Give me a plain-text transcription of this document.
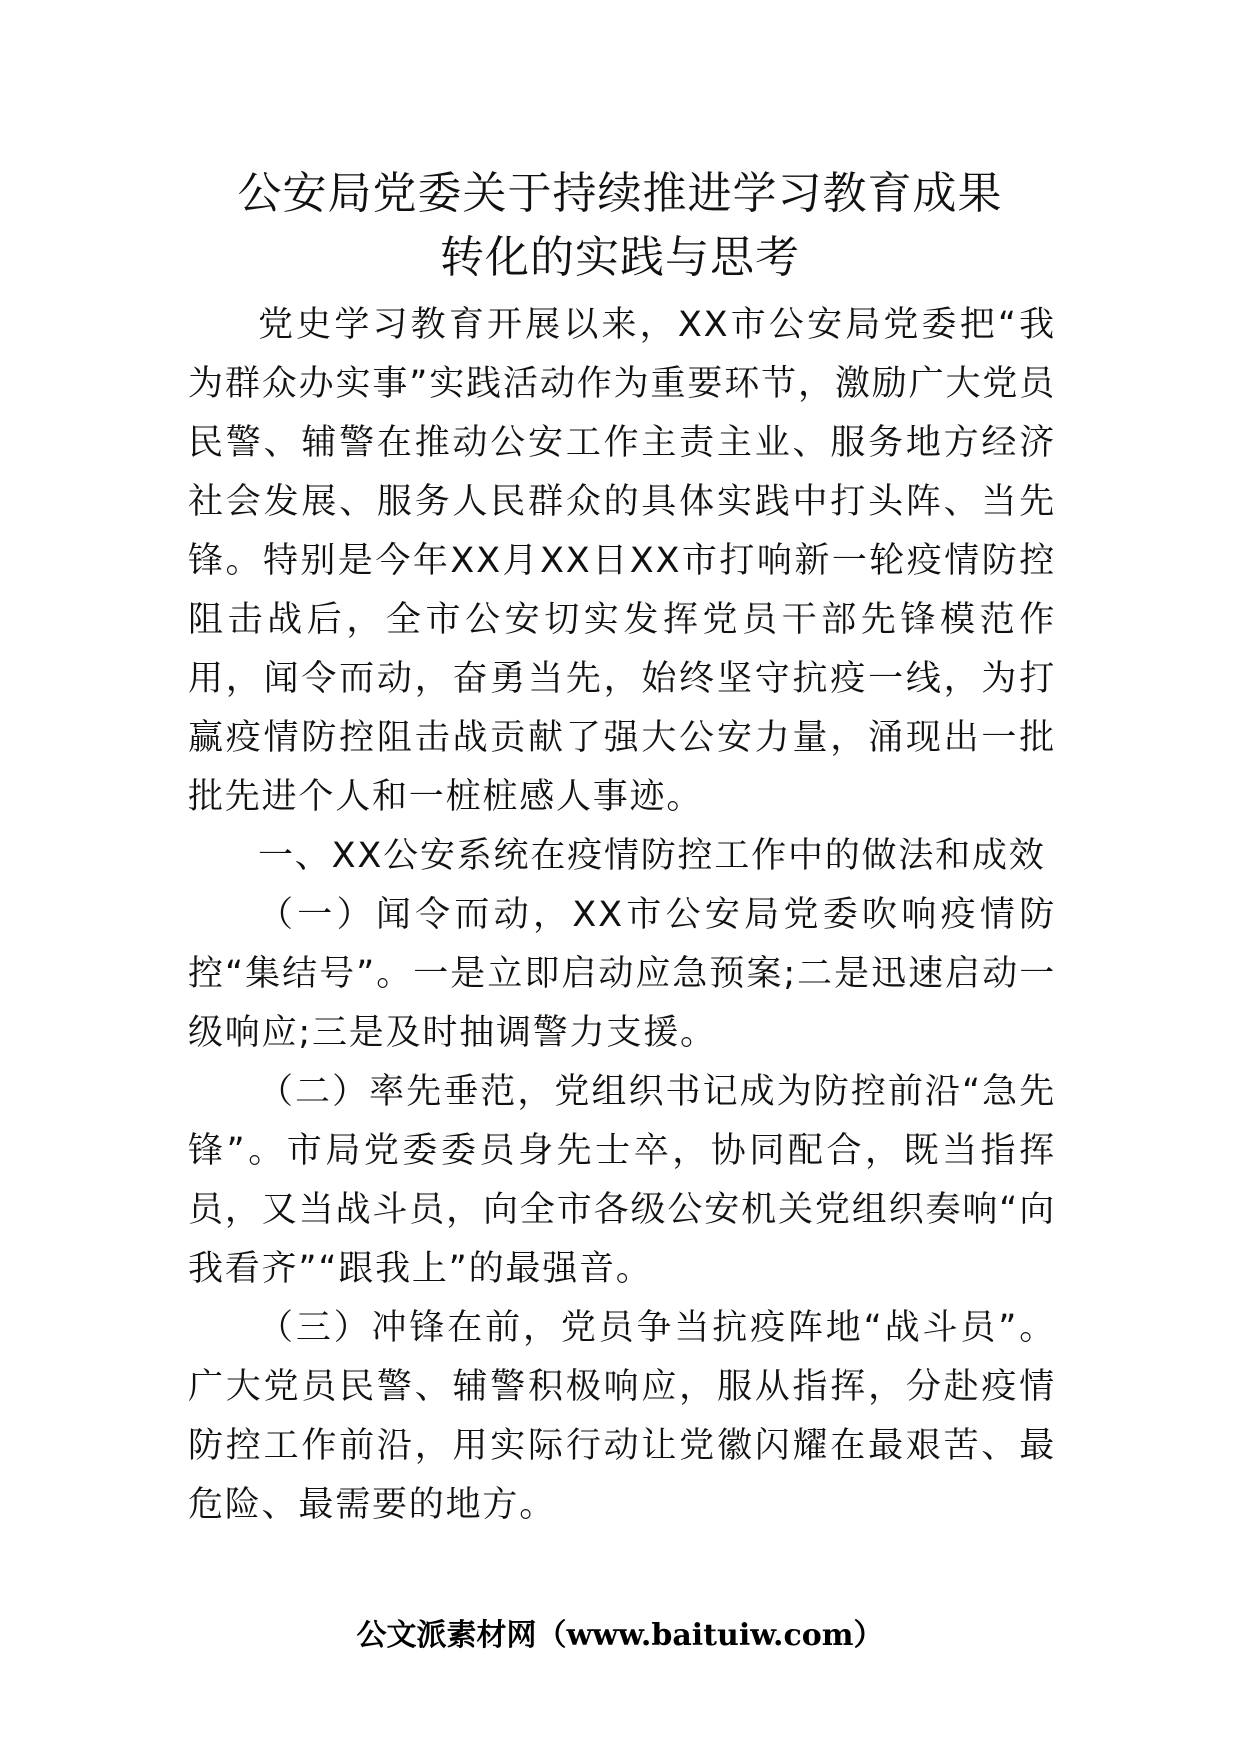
公安局党委关于持续推进学习教育成果
转化的实践与思考

党史学习教育开展以来，XX市公安局党委把“我为群众办实事”实践活动作为重要环节，激励广大党员民警、辅警在推动公安工作主责主业、服务地方经济社会发展、服务人民群众的具体实践中打头阵、当先锋。特别是今年XX月XX日XX市打响新一轮疫情防控阻击战后，全市公安切实发挥党员干部先锋模范作用，闻令而动，奋勇当先，始终坚守抗疫一线，为打赢疫情防控阻击战贡献了强大公安力量，涌现出一批批先进个人和一桩桩感人事迹。

一、XX公安系统在疫情防控工作中的做法和成效

（一）闻令而动，XX市公安局党委吹响疫情防控“集结号”。一是立即启动应急预案;二是迅速启动一级响应;三是及时抽调警力支援。

（二）率先垂范，党组织书记成为防控前沿“急先锋”。市局党委委员身先士卒，协同配合，既当指挥员，又当战斗员，向全市各级公安机关党组织奏响“向我看齐”“跟我上”的最强音。

（三）冲锋在前，党员争当抗疫阵地“战斗员”。广大党员民警、辅警积极响应，服从指挥，分赴疫情防控工作前沿，用实际行动让党徽闪耀在最艰苦、最危险、最需要的地方。

公文派素材网（www.baituiw.com）
